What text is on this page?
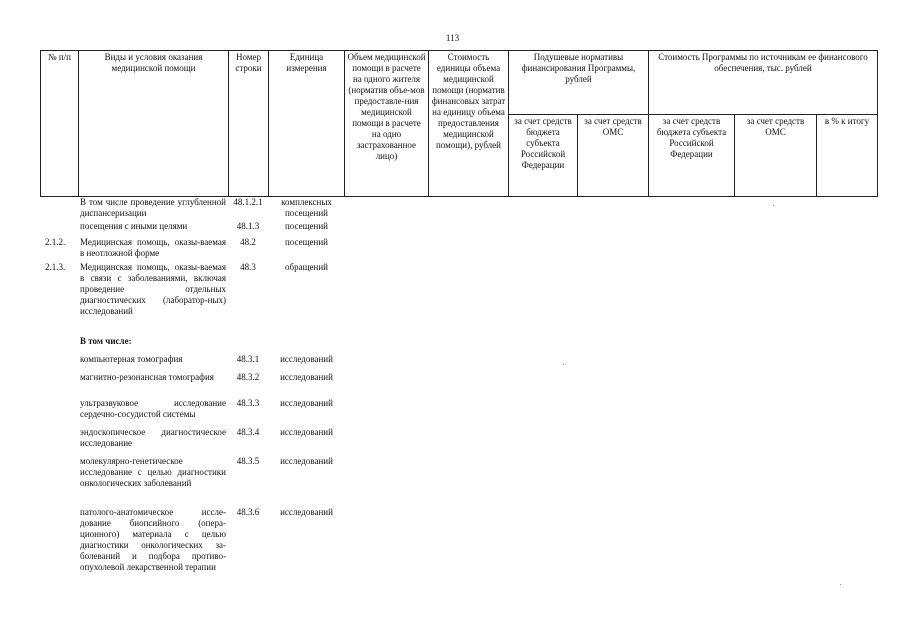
113
№ п/п	Виды и условия оказания медицинской помощи	Номер строки	Единица измерения	Объем медицинской помощи в расчете на одного жителя (норматив объе-мов предоставле-ния медицинской помощи в расчете на одно застрахованное лицо)	Стоимость единицы объема медицинской помощи (норматив финансовых затрат на единицу объема предоставления медицинской помощи), рублей	Подушевые нормативы финансирования Программы, рублей		Стоимость Программы по источникам ее финансового обеспечения, тыс. рублей		
						за счет средств бюджета субъекта Российской Федерации	за счет средств ОМС	за счет средств бюджета субъекта Российской Федерации	за счет средств ОМС	в % к итогу
	В том числе проведение углубленной диспансеризации	48.1.2.1	комплексных посещений
	посещения с иными целями	48.1.3	посещений
2.1.2.	Медицинская помощь, оказы-ваемая в неотложной форме	48.2	посещений
2.1.3.	Медицинская помощь, оказы-ваемая в связи с заболеваниями, включая проведение отдельных диагностических (лаборатор-ных) исследований	48.3	обращений
	В том числе:		
	компьютерная томография	48.3.1	исследований
	магнитно-резонансная томография	48.3.2	исследований
	ультразвуковое исследование сердечно-сосудистой системы	48.3.3	исследований
	эндоскопическое диагностическое исследование	48.3.4	исследований
	молекулярно-генетическое исследование с целью диагностики онкологических заболеваний	48.3.5	исследований
	патолого-анатомическое иссле-дование биопсийного (опера-ционного) материала с целью диагностики онкологических за-болеваний и подбора противо-опухолевой лекарственной терапии	48.3.6	исследований
